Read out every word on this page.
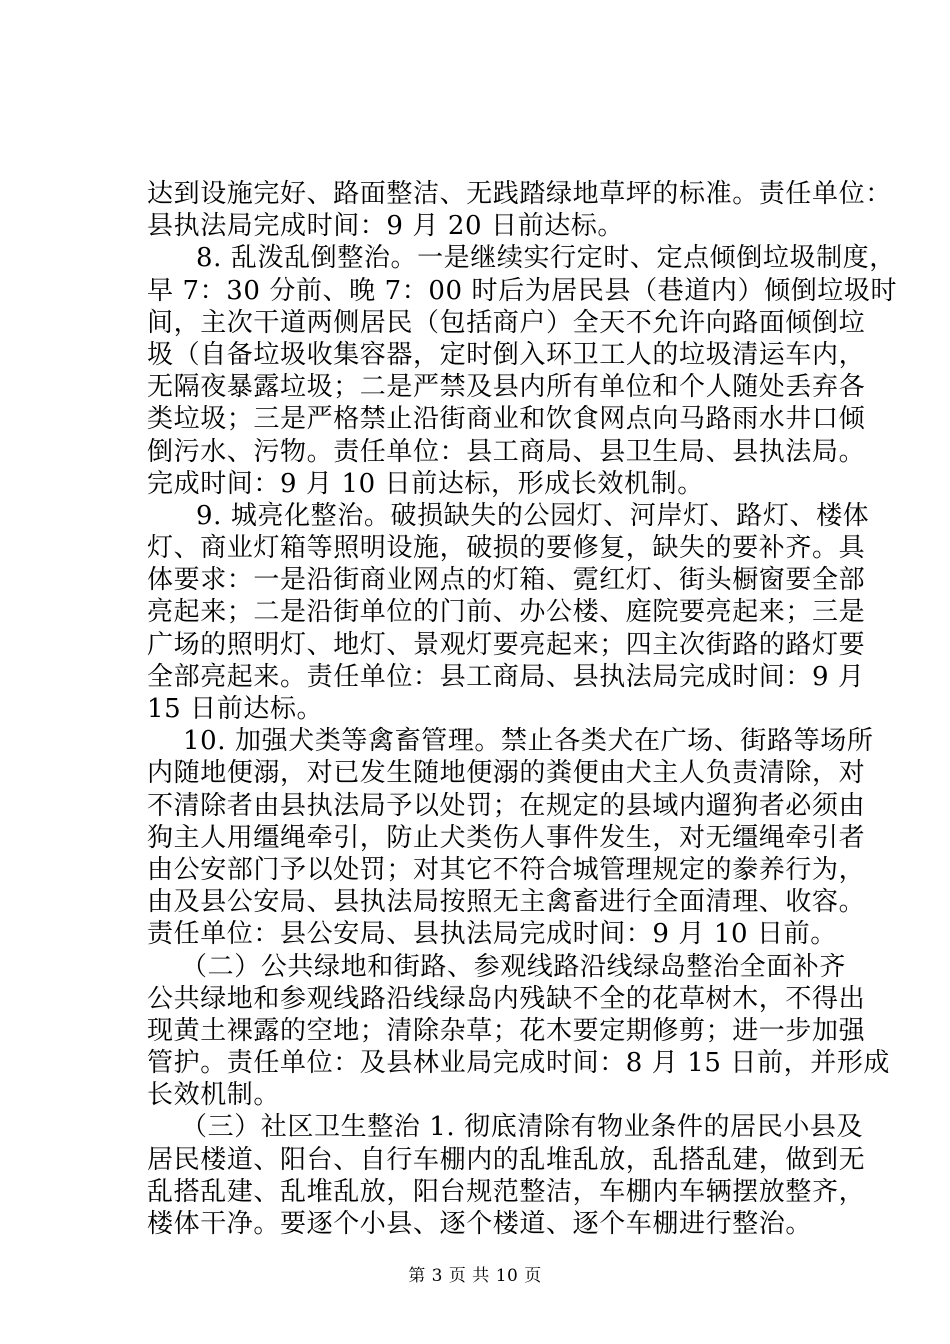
达到设施完好、路面整洁、无践踏绿地草坪的标准。责任单位：
县执法局完成时间：9 月 20 日前达标。
8. 乱泼乱倒整治。一是继续实行定时、定点倾倒垃圾制度，
早 7：30 分前、晚 7：00 时后为居民县（巷道内）倾倒垃圾时
间，主次干道两侧居民（包括商户）全天不允许向路面倾倒垃
圾（自备垃圾收集容器，定时倒入环卫工人的垃圾清运车内，
无隔夜暴露垃圾；二是严禁及县内所有单位和个人随处丢弃各
类垃圾；三是严格禁止沿街商业和饮食网点向马路雨水井口倾
倒污水、污物。责任单位：县工商局、县卫生局、县执法局。
完成时间：9 月 10 日前达标，形成长效机制。
9. 城亮化整治。破损缺失的公园灯、河岸灯、路灯、楼体
灯、商业灯箱等照明设施，破损的要修复，缺失的要补齐。具
体要求：一是沿街商业网点的灯箱、霓红灯、街头橱窗要全部
亮起来；二是沿街单位的门前、办公楼、庭院要亮起来；三是
广场的照明灯、地灯、景观灯要亮起来；四主次街路的路灯要
全部亮起来。责任单位：县工商局、县执法局完成时间：9 月
15 日前达标。
10. 加强犬类等禽畜管理。禁止各类犬在广场、街路等场所
内随地便溺，对已发生随地便溺的粪便由犬主人负责清除，对
不清除者由县执法局予以处罚；在规定的县域内遛狗者必须由
狗主人用缰绳牵引，防止犬类伤人事件发生，对无缰绳牵引者
由公安部门予以处罚；对其它不符合城管理规定的豢养行为，
由及县公安局、县执法局按照无主禽畜进行全面清理、收容。
责任单位：县公安局、县执法局完成时间：9 月 10 日前。
（二）公共绿地和街路、参观线路沿线绿岛整治全面补齐
公共绿地和参观线路沿线绿岛内残缺不全的花草树木，不得出
现黄土裸露的空地；清除杂草；花木要定期修剪；进一步加强
管护。责任单位：及县林业局完成时间：8 月 15 日前，并形成
长效机制。
（三）社区卫生整治 1. 彻底清除有物业条件的居民小县及
居民楼道、阳台、自行车棚内的乱堆乱放，乱搭乱建，做到无
乱搭乱建、乱堆乱放，阳台规范整洁，车棚内车辆摆放整齐，
楼体干净。要逐个小县、逐个楼道、逐个车棚进行整治。
第 3 页 共 10 页
